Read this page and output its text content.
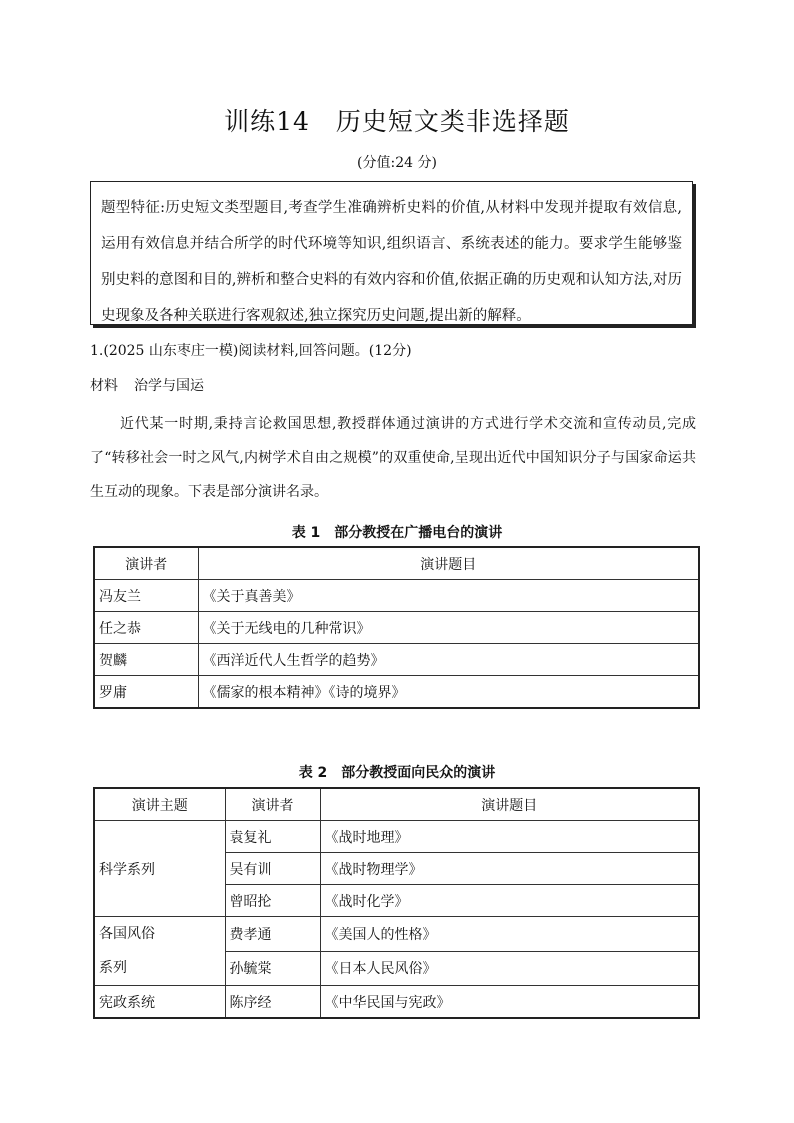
训练14　历史短文类非选择题
(分值:24 分)
题型特征:历史短文类型题目,考查学生准确辨析史料的价值,从材料中发现并提取有效信息,运用有效信息并结合所学的时代环境等知识,组织语言、系统表述的能力。要求学生能够鉴别史料的意图和目的,辨析和整合史料的有效内容和价值,依据正确的历史观和认知方法,对历史现象及各种关联进行客观叙述,独立探究历史问题,提出新的解释。
1.(2025 山东枣庄一模)阅读材料,回答问题。(12分)
材料 治学与国运
近代某一时期,秉持言论救国思想,教授群体通过演讲的方式进行学术交流和宣传动员,完成了“转移社会一时之风气,内树学术自由之规模”的双重使命,呈现出近代中国知识分子与国家命运共生互动的现象。下表是部分演讲名录。
表 1　部分教授在广播电台的演讲
演讲者	演讲题目
冯友兰	《关于真善美》
任之恭	《关于无线电的几种常识》
贺麟	《西洋近代人生哲学的趋势》
罗庸	《儒家的根本精神》《诗的境界》
表 2　部分教授面向民众的演讲
演讲主题	演讲者	演讲题目
科学系列	袁复礼	《战时地理》
	吴有训	《战时物理学》
	曾昭抡	《战时化学》

各国风俗
系列	费孝通	《美国人的性格》
	孙毓棠	《日本人民风俗》
宪政系统	陈序经	《中华民国与宪政》
